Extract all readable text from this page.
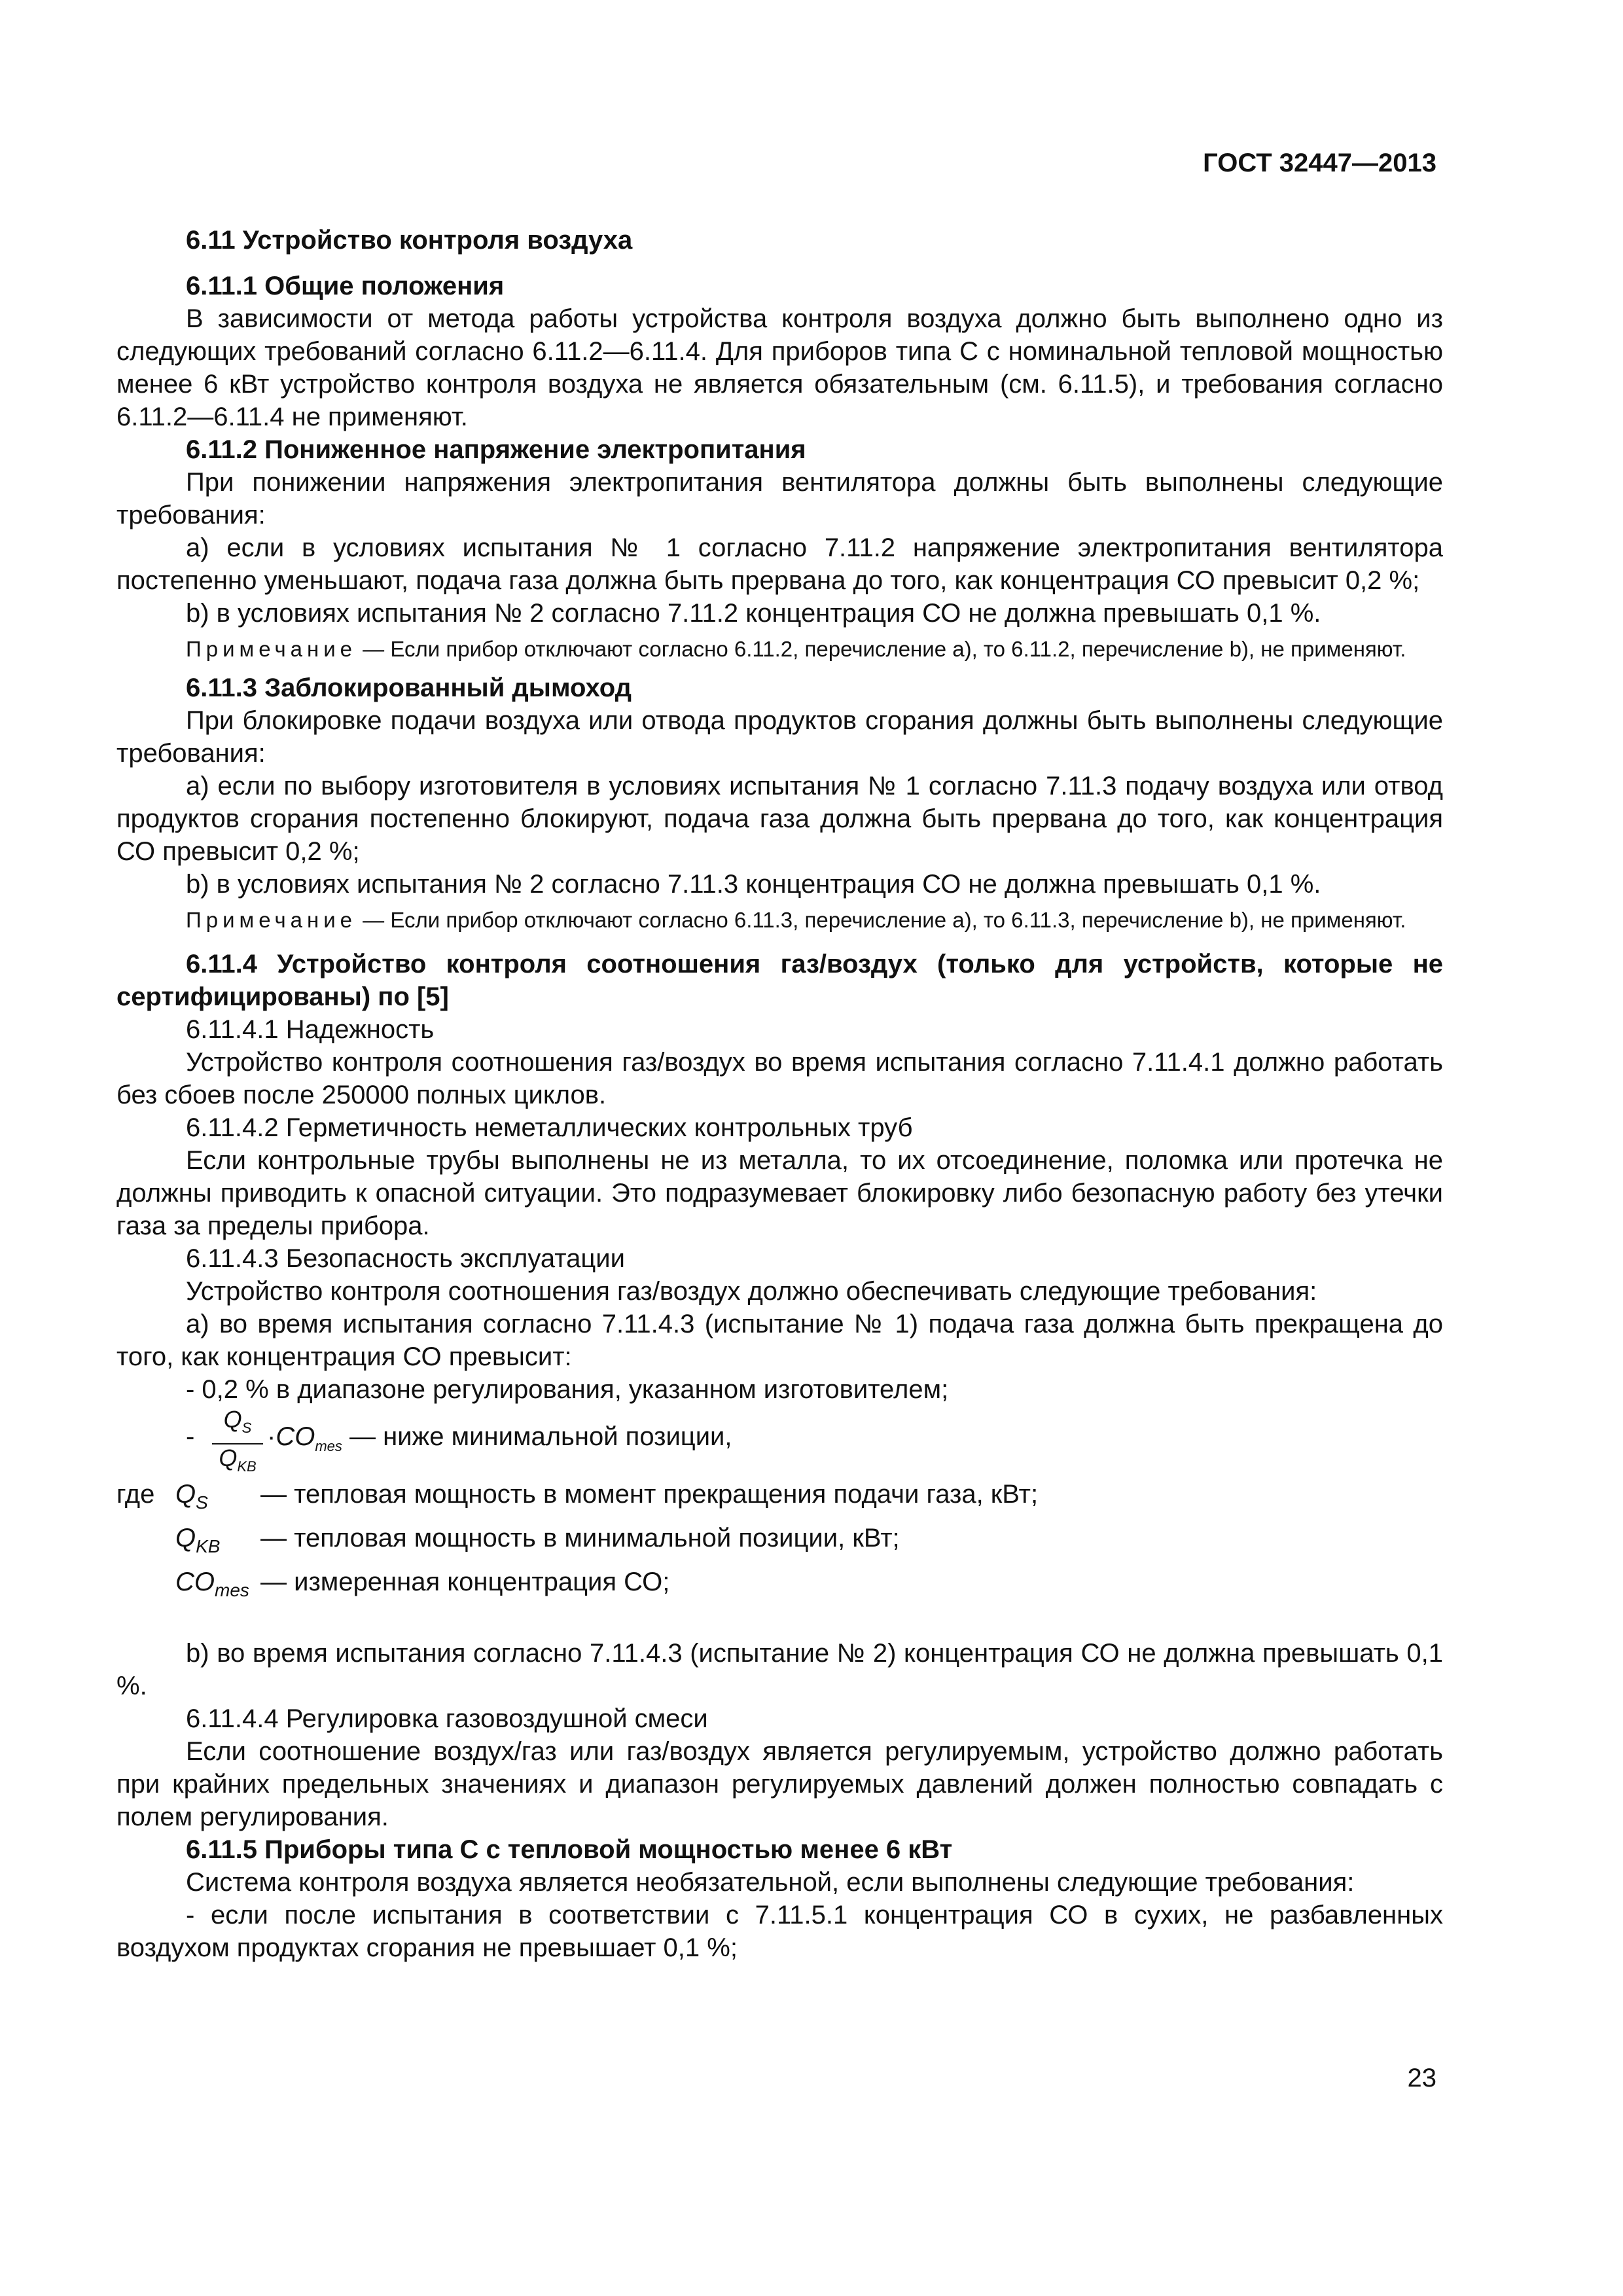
ГОСТ 32447—2013

6.11 Устройство контроля воздуха

6.11.1 Общие положения

В зависимости от метода работы устройства контроля воздуха должно быть выполнено одно из следующих требований согласно 6.11.2—6.11.4. Для приборов типа С с номинальной тепловой мощностью менее 6 кВт устройство контроля воздуха не является обязательным (см. 6.11.5), и требования согласно 6.11.2—6.11.4 не применяют.

6.11.2 Пониженное напряжение электропитания

При понижении напряжения электропитания вентилятора должны быть выполнены следующие требования:

а) если в условиях испытания № 1 согласно 7.11.2 напряжение электропитания вентилятора постепенно уменьшают, подача газа должна быть прервана до того, как концентрация СО превысит 0,2 %;

b) в условиях испытания № 2 согласно 7.11.2 концентрация СО не должна превышать 0,1 %.

Примечание — Если прибор отключают согласно 6.11.2, перечисление а), то 6.11.2, перечисление b), не применяют.

6.11.3 Заблокированный дымоход

При блокировке подачи воздуха или отвода продуктов сгорания должны быть выполнены следующие требования:

а) если по выбору изготовителя в условиях испытания № 1 согласно 7.11.3 подачу воздуха или отвод продуктов сгорания постепенно блокируют, подача газа должна быть прервана до того, как концентрация СО превысит 0,2 %;

b) в условиях испытания № 2 согласно 7.11.3 концентрация СО не должна превышать 0,1 %.

Примечание — Если прибор отключают согласно 6.11.3, перечисление а), то 6.11.3, перечисление b), не применяют.

6.11.4 Устройство контроля соотношения газ/воздух (только для устройств, которые не сертифицированы) по [5]

6.11.4.1 Надежность

Устройство контроля соотношения газ/воздух во время испытания согласно 7.11.4.1 должно работать без сбоев после 250000 полных циклов.

6.11.4.2 Герметичность неметаллических контрольных труб

Если контрольные трубы выполнены не из металла, то их отсоединение, поломка или протечка не должны приводить к опасной ситуации. Это подразумевает блокировку либо безопасную работу без утечки газа за пределы прибора.

6.11.4.3 Безопасность эксплуатации

Устройство контроля соотношения газ/воздух должно обеспечивать следующие требования:

а) во время испытания согласно 7.11.4.3 (испытание № 1) подача газа должна быть прекращена до того, как концентрация СО превысит:

- 0,2 % в диапазоне регулирования, указанном изготовителем;

-
$Q_S$
$Q_{KB}$
$\cdot CO_{mes}$ — ниже минимальной позиции,
где	$Q_S$	— тепловая мощность в момент прекращения подачи газа, кВт;
	$Q_{KB}$	— тепловая мощность в минимальной позиции, кВт;
	$CO_{mes}$	— измеренная концентрация СО;

b) во время испытания согласно 7.11.4.3 (испытание № 2) концентрация СО не должна превышать 0,1 %.

6.11.4.4 Регулировка газовоздушной смеси

Если соотношение воздух/газ или газ/воздух является регулируемым, устройство должно работать при крайних предельных значениях и диапазон регулируемых давлений должен полностью совпадать с полем регулирования.

6.11.5 Приборы типа С с тепловой мощностью менее 6 кВт

Система контроля воздуха является необязательной, если выполнены следующие требования:

- если после испытания в соответствии с 7.11.5.1 концентрация СО в сухих, не разбавленных воздухом продуктах сгорания не превышает 0,1 %;

23
